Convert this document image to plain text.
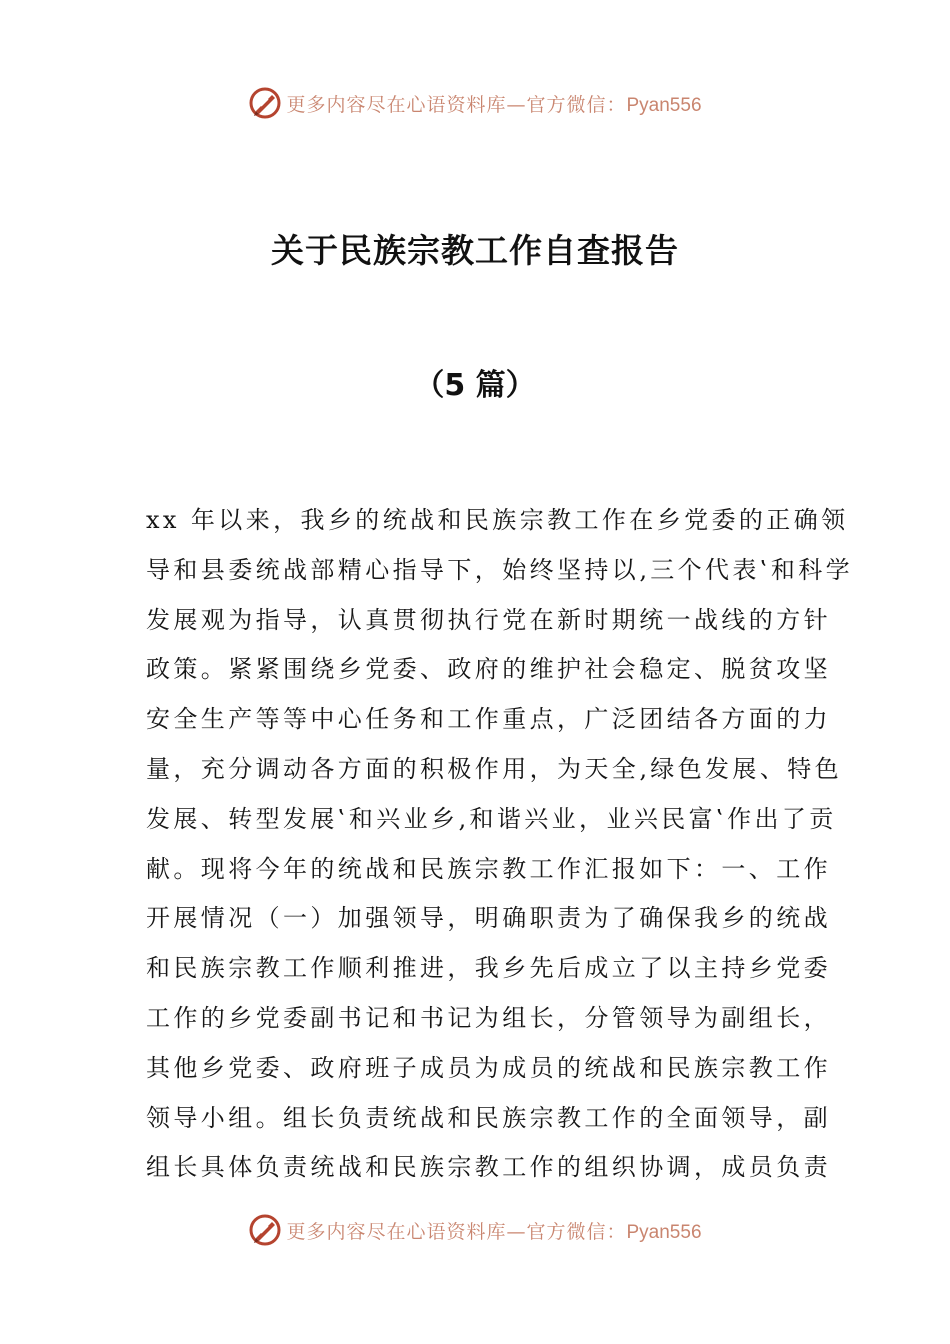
更多内容尽在心语资料库—官方微信：Pyan556
关于民族宗教工作自查报告
（5 篇）
xx 年以来，我乡的统战和民族宗教工作在乡党委的正确领
导和县委统战部精心指导下，始终坚持以‚三个代表‛和科学
发展观为指导，认真贯彻执行党在新时期统一战线的方针
政策。紧紧围绕乡党委、政府的维护社会稳定、脱贫攻坚
安全生产等等中心任务和工作重点，广泛团结各方面的力
量，充分调动各方面的积极作用，为天全‚绿色发展、特色
发展、转型发展‛和兴业乡‚和谐兴业，业兴民富‛作出了贡
献。现将今年的统战和民族宗教工作汇报如下：一、工作
开展情况（一）加强领导，明确职责为了确保我乡的统战
和民族宗教工作顺利推进，我乡先后成立了以主持乡党委
工作的乡党委副书记和书记为组长，分管领导为副组长，
其他乡党委、政府班子成员为成员的统战和民族宗教工作
领导小组。组长负责统战和民族宗教工作的全面领导，副
组长具体负责统战和民族宗教工作的组织协调，成员负责
更多内容尽在心语资料库—官方微信：Pyan556
